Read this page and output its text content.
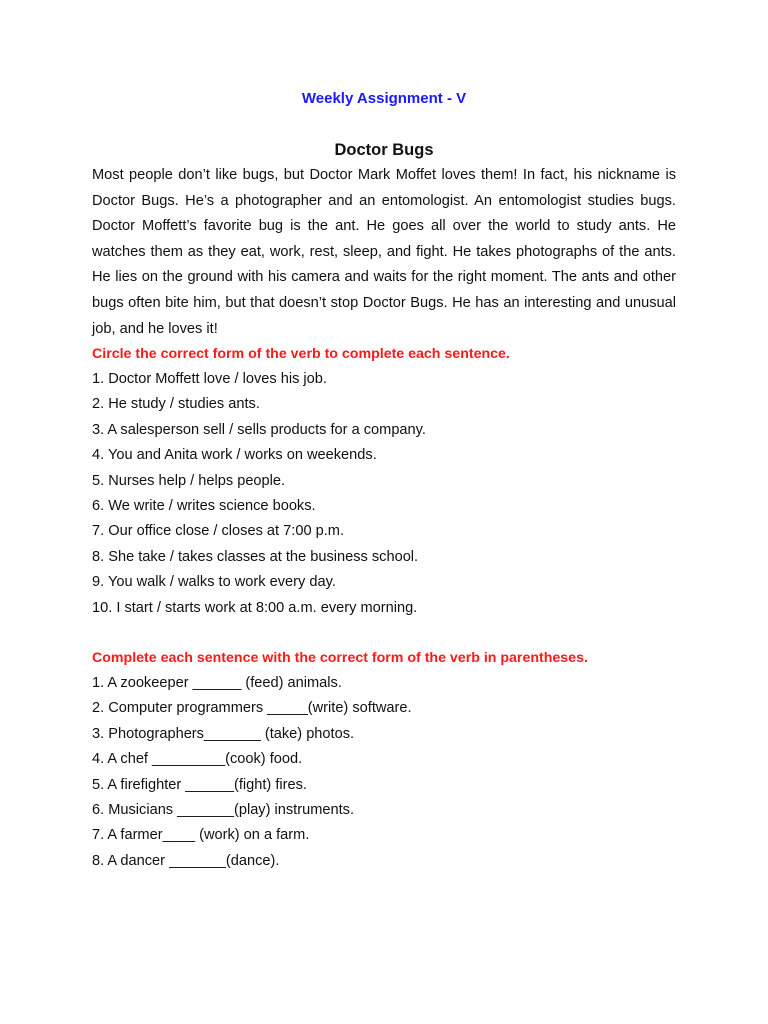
Weekly Assignment - V
Doctor Bugs

Most people don’t like bugs, but Doctor Mark Moffet loves them! In fact, his nickname is Doctor Bugs. He’s a photographer and an entomologist. An entomologist studies bugs. Doctor Moffett’s favorite bug is the ant. He goes all over the world to study ants. He watches them as they eat, work, rest, sleep, and fight. He takes photographs of the ants. He lies on the ground with his camera and waits for the right moment. The ants and other bugs often bite him, but that doesn’t stop Doctor Bugs. He has an interesting and unusual job, and he loves it!

Circle the correct form of the verb to complete each sentence.

1. Doctor Moffett love / loves his job.
2. He study / studies ants.
3. A salesperson sell / sells products for a company.
4. You and Anita work / works on weekends.
5. Nurses help / helps people.
6. We write / writes science books.
7. Our office close / closes at 7:00 p.m.
8. She take / takes classes at the business school.
9. You walk / walks to work every day.
10. I start / starts work at 8:00 a.m. every morning.

Complete each sentence with the correct form of the verb in parentheses.

1. A zookeeper ______ (feed) animals.
2. Computer programmers _____(write) software.
3. Photographers_______ (take) photos.
4. A chef _________(cook) food.
5. A firefighter ______(fight) fires.
6. Musicians _______(play) instruments.
7. A farmer____ (work) on a farm.
8. A dancer _______(dance).
